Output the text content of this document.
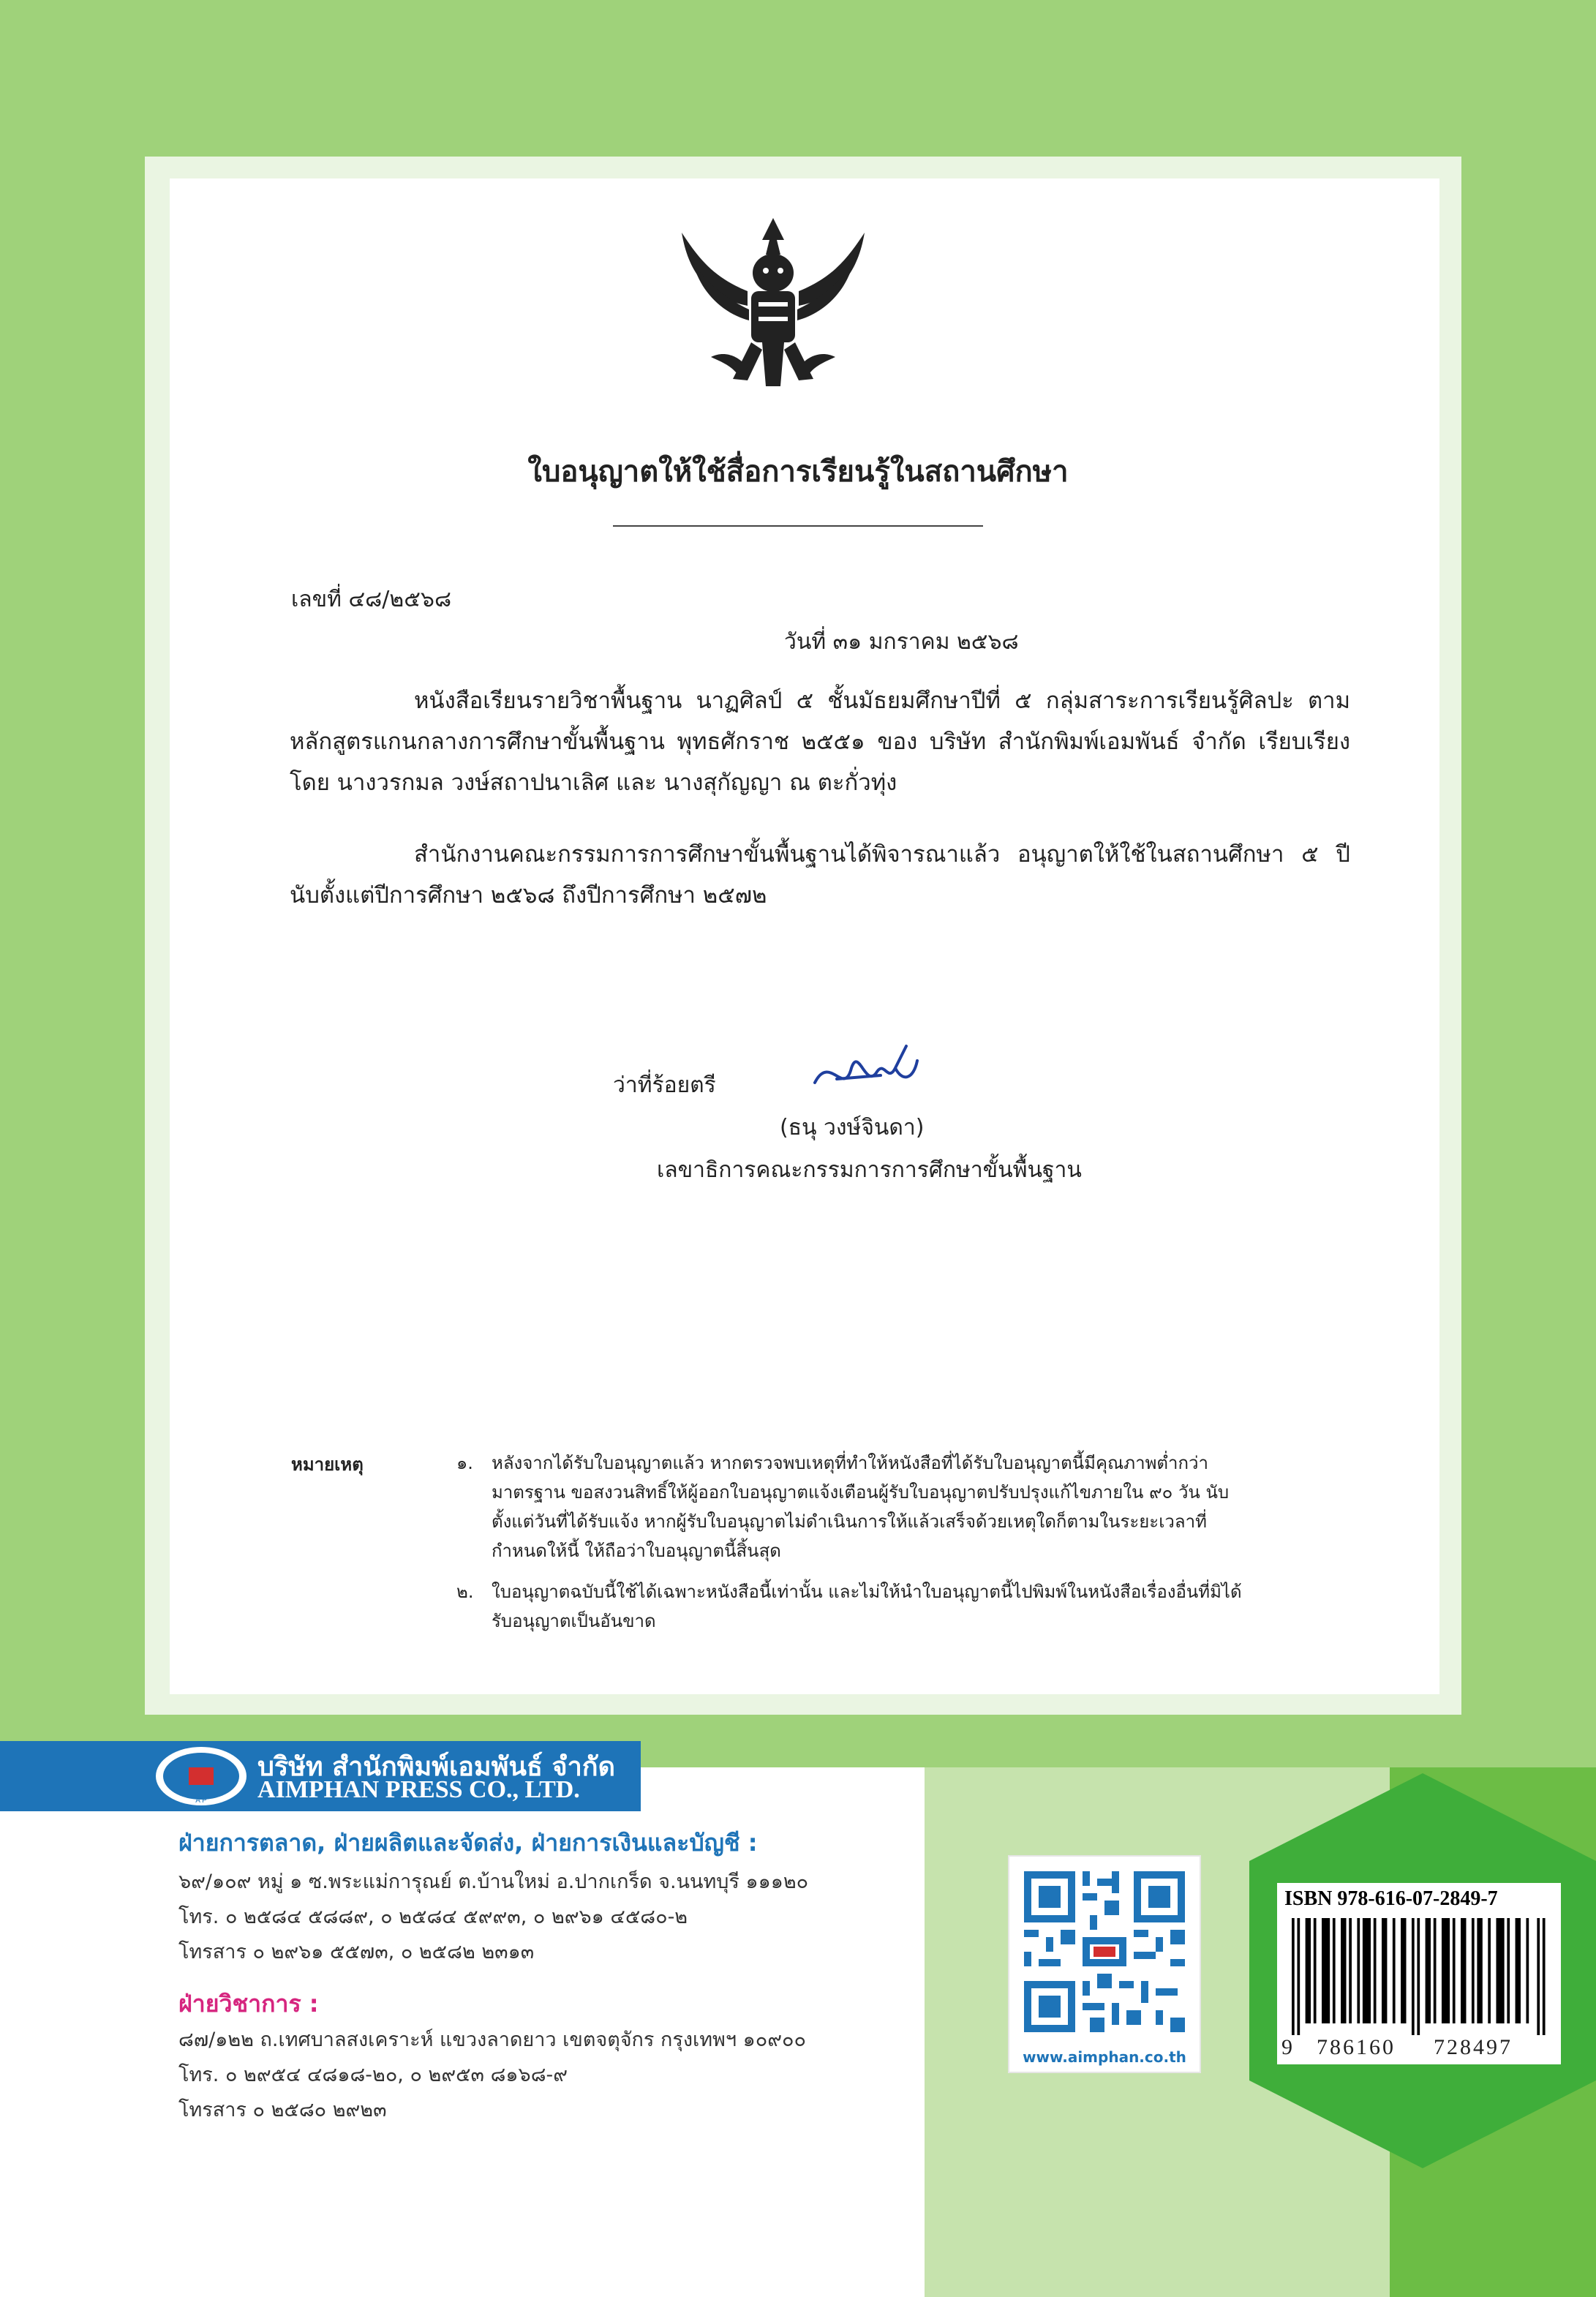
ใบอนุญาตให้ใช้สื่อการเรียนรู้ในสถานศึกษา
เลขที่ ๔๘/๒๕๖๘
วันที่ ๓๑ มกราคม ๒๕๖๘
หนังสือเรียนรายวิชาพื้นฐาน นาฏศิลป์ ๕ ชั้นมัธยมศึกษาปีที่ ๕ กลุ่มสาระการเรียนรู้ศิลปะ ตามหลักสูตรแกนกลางการศึกษาขั้นพื้นฐาน พุทธศักราช ๒๕๕๑ ของ บริษัท สำนักพิมพ์เอมพันธ์ จำกัด เรียบเรียงโดย นางวรกมล วงษ์สถาปนาเลิศ และ นางสุกัญญา ณ ตะกั่วทุ่ง
สำนักงานคณะกรรมการการศึกษาขั้นพื้นฐานได้พิจารณาแล้ว อนุญาตให้ใช้ในสถานศึกษา ๕ ปี นับตั้งแต่ปีการศึกษา ๒๕๖๘ ถึงปีการศึกษา ๒๕๗๒
ว่าที่ร้อยตรี
(ธนุ วงษ์จินดา)
เลขาธิการคณะกรรมการการศึกษาขั้นพื้นฐาน
หมายเหตุ	๑. หลังจากได้รับใบอนุญาตแล้ว หากตรวจพบเหตุที่ทำให้หนังสือที่ได้รับใบอนุญาตนี้มีคุณภาพต่ำกว่ามาตรฐาน ขอสงวนสิทธิ์ให้ผู้ออกใบอนุญาตแจ้งเตือนผู้รับใบอนุญาตปรับปรุงแก้ไขภายใน ๙๐ วัน นับตั้งแต่วันที่ได้รับแจ้ง หากผู้รับใบอนุญาตไม่ดำเนินการให้แล้วเสร็จด้วยเหตุใดก็ตามในระยะเวลาที่กำหนดให้นี้ ให้ถือว่าใบอนุญาตนี้สิ้นสุด
๒. ใบอนุญาตฉบับนี้ใช้ได้เฉพาะหนังสือนี้เท่านั้น และไม่ให้นำใบอนุญาตนี้ไปพิมพ์ในหนังสือเรื่องอื่นที่มิได้รับอนุญาตเป็นอันขาด
A P
บริษัท สำนักพิมพ์เอมพันธ์ จำกัด
AIMPHAN PRESS CO., LTD.
ฝ่ายการตลาด, ฝ่ายผลิตและจัดส่ง, ฝ่ายการเงินและบัญชี :
๖๙/๑๐๙ หมู่ ๑ ซ.พระแม่การุณย์ ต.บ้านใหม่ อ.ปากเกร็ด จ.นนทบุรี ๑๑๑๒๐
โทร. ๐ ๒๕๘๔ ๕๘๘๙, ๐ ๒๕๘๔ ๕๙๙๓, ๐ ๒๙๖๑ ๔๕๘๐-๒
โทรสาร ๐ ๒๙๖๑ ๕๕๗๓, ๐ ๒๕๘๒ ๒๓๑๓
ฝ่ายวิชาการ :
๘๗/๑๒๒ ถ.เทศบาลสงเคราะห์ แขวงลาดยาว เขตจตุจักร กรุงเทพฯ ๑๐๙๐๐
โทร. ๐ ๒๙๕๔ ๔๘๑๘-๒๐, ๐ ๒๙๕๓ ๘๑๖๘-๙
โทรสาร ๐ ๒๕๘๐ ๒๙๒๓
www.aimphan.co.th
ISBN 978-616-07-2849-7
9 786160 728497
